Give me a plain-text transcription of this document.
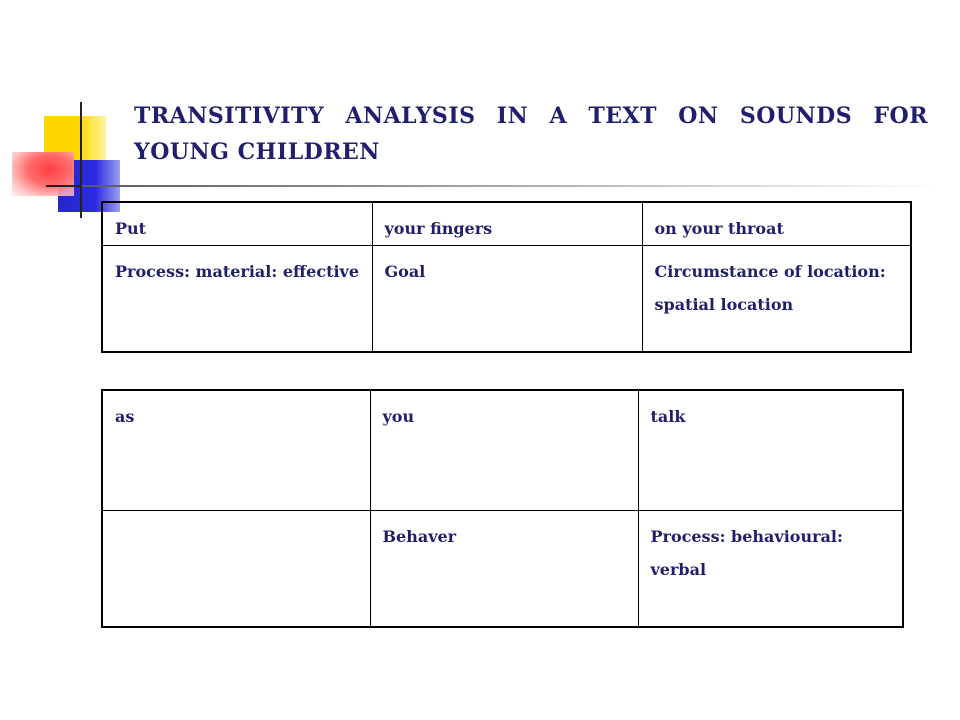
TRANSITIVITY ANALYSIS IN A TEXT ON SOUNDS FOR YOUNG CHILDREN
Put	your fingers	on your throat
Process: material: effective	Goal	Circumstance of location: spatial location
as	you	talk
	Behaver	Process: behavioural: verbal
